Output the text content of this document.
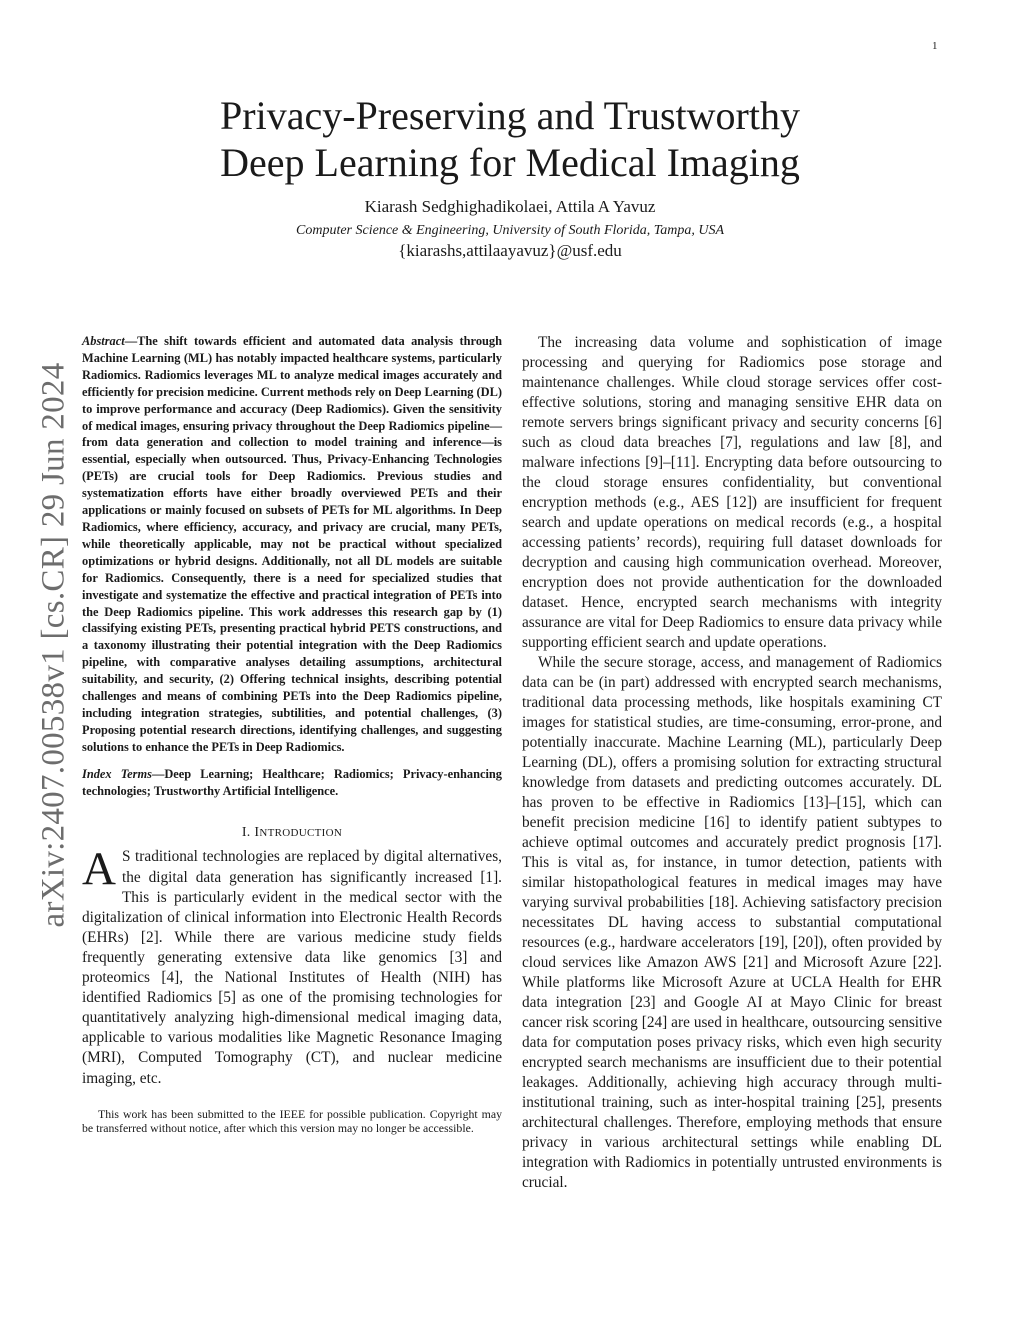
1
arXiv:2407.00538v1 [cs.CR] 29 Jun 2024
Privacy-Preserving and Trustworthy
Deep Learning for Medical Imaging
Kiarash Sedghighadikolaei, Attila A Yavuz
Computer Science & Engineering, University of South Florida, Tampa, USA
{kiarashs,attilaayavuz}@usf.edu

Abstract—The shift towards efficient and automated data analysis through Machine Learning (ML) has notably impacted healthcare systems, particularly Radiomics. Radiomics leverages ML to analyze medical images accurately and efficiently for precision medicine. Current methods rely on Deep Learning (DL) to improve performance and accuracy (Deep Radiomics). Given the sensitivity of medical images, ensuring privacy throughout the Deep Radiomics pipeline—from data generation and collection to model training and inference—is essential, especially when outsourced. Thus, Privacy-Enhancing Technologies (PETs) are crucial tools for Deep Radiomics. Previous studies and systematization efforts have either broadly overviewed PETs and their applications or mainly focused on subsets of PETs for ML algorithms. In Deep Radiomics, where efficiency, accuracy, and privacy are crucial, many PETs, while theoretically applicable, may not be practical without specialized optimizations or hybrid designs. Additionally, not all DL models are suitable for Radiomics. Consequently, there is a need for specialized studies that investigate and systematize the effective and practical integration of PETs into the Deep Radiomics pipeline. This work addresses this research gap by (1) classifying existing PETs, presenting practical hybrid PETS constructions, and a taxonomy illustrating their potential integration with the Deep Radiomics pipeline, with comparative analyses detailing assumptions, architectural suitability, and security, (2) Offering technical insights, describing potential challenges and means of combining PETs into the Deep Radiomics pipeline, including integration strategies, subtilities, and potential challenges, (3) Proposing potential research directions, identifying challenges, and suggesting solutions to enhance the PETs in Deep Radiomics.

Index Terms—Deep Learning; Healthcare; Radiomics; Privacy-enhancing technologies; Trustworthy Artificial Intelligence.

I. INTRODUCTION

A S traditional technologies are replaced by digital alternatives, the digital data generation has significantly increased [1]. This is particularly evident in the medical sector with the digitalization of clinical information into Electronic Health Records (EHRs) [2]. While there are various medicine study fields frequently generating extensive data like genomics [3] and proteomics [4], the National Institutes of Health (NIH) has identified Radiomics [5] as one of the promising technologies for quantitatively analyzing high-dimensional medical imaging data, applicable to various modalities like Magnetic Resonance Imaging (MRI), Computed Tomography (CT), and nuclear medicine imaging, etc.

This work has been submitted to the IEEE for possible publication. Copyright may be transferred without notice, after which this version may no longer be accessible.

The increasing data volume and sophistication of image processing and querying for Radiomics pose storage and maintenance challenges. While cloud storage services offer cost-effective solutions, storing and managing sensitive EHR data on remote servers brings significant privacy and security concerns [6] such as cloud data breaches [7], regulations and law [8], and malware infections [9]–[11]. Encrypting data before outsourcing to the cloud storage ensures confidentiality, but conventional encryption methods (e.g., AES [12]) are insufficient for frequent search and update operations on medical records (e.g., a hospital accessing patients’ records), requiring full dataset downloads for decryption and causing high communication overhead. Moreover, encryption does not provide authentication for the downloaded dataset. Hence, encrypted search mechanisms with integrity assurance are vital for Deep Radiomics to ensure data privacy while supporting efficient search and update operations.

While the secure storage, access, and management of Radiomics data can be (in part) addressed with encrypted search mechanisms, traditional data processing methods, like hospitals examining CT images for statistical studies, are time-consuming, error-prone, and potentially inaccurate. Machine Learning (ML), particularly Deep Learning (DL), offers a promising solution for extracting structural knowledge from datasets and predicting outcomes accurately. DL has proven to be effective in Radiomics [13]–[15], which can benefit precision medicine [16] to identify patient subtypes to achieve optimal outcomes and accurately predict prognosis [17]. This is vital as, for instance, in tumor detection, patients with similar histopathological features in medical images may have varying survival probabilities [18]. Achieving satisfactory precision necessitates DL having access to substantial computational resources (e.g., hardware accelerators [19], [20]), often provided by cloud services like Amazon AWS [21] and Microsoft Azure [22]. While platforms like Microsoft Azure at UCLA Health for EHR data integration [23] and Google AI at Mayo Clinic for breast cancer risk scoring [24] are used in healthcare, outsourcing sensitive data for computation poses privacy risks, which even high security encrypted search mechanisms are insufficient due to their potential leakages. Additionally, achieving high accuracy through multi-institutional training, such as inter-hospital training [25], presents architectural challenges. Therefore, employing methods that ensure privacy in various architectural settings while enabling DL integration with Radiomics in potentially untrusted environments is crucial.
